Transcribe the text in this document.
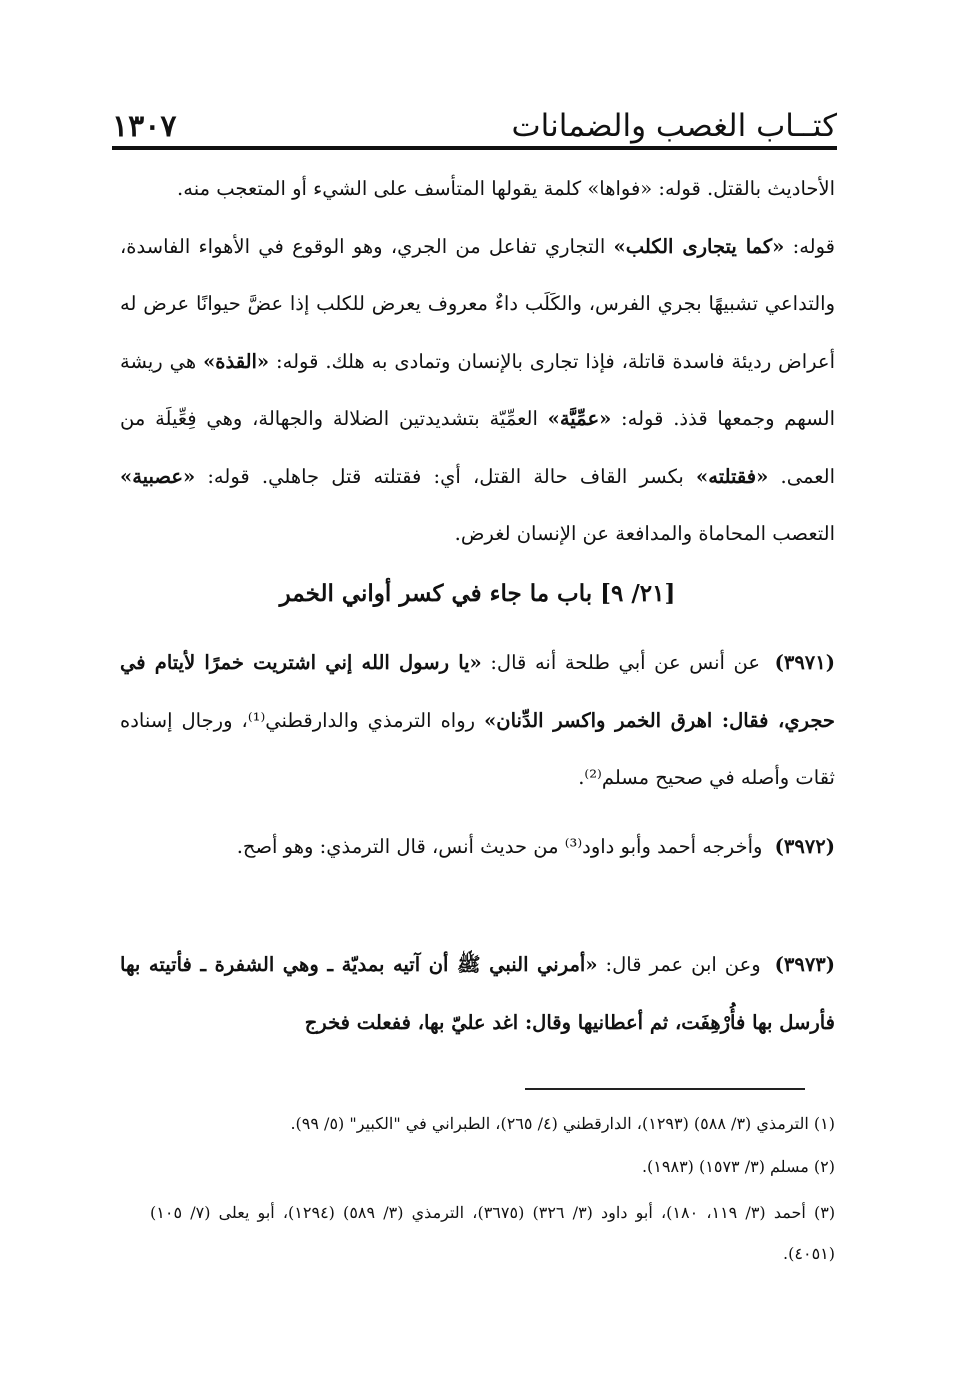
كتــاب الغصب والضمانات
١٣٠٧

الأحاديث بالقتل. قوله: «فواها» كلمة يقولها المتأسف على الشيء أو المتعجب منه.

قوله: «كما يتجارى الكلب» التجاري تفاعل من الجري، وهو الوقوع في الأهواء الفاسدة، والتداعي تشبيهًا بجري الفرس، والكَلَب داءٌ معروف يعرض للكلب إذا عضَّ حيوانًا عرض له أعراض رديئة فاسدة قاتلة، فإذا تجارى بالإنسان وتمادى به هلك. قوله: «القذة» هي ريشة السهم وجمعها قذذ. قوله: «عمِّيَّة» العمِّيّة بتشديدتين الضلالة والجهالة، وهي فِعِّيلَة من العمى. «فقتلته» بكسر القاف حالة القتل، أي: فقتلته قتل جاهلي. قوله: «عصبية» التعصب المحاماة والمدافعة عن الإنسان لغرض.

[٢١/ ٩] باب ما جاء في كسر أواني الخمر

(٣٩٧١) عن أنس عن أبي طلحة أنه قال: «يا رسول الله إني اشتريت خمرًا لأيتام في حجري، فقال: اهرق الخمر واكسر الدِّنان» رواه الترمذي والدارقطني⁽¹⁾، ورجال إسناده ثقات وأصله في صحيح مسلم⁽²⁾.

(٣٩٧٢) وأخرجه أحمد وأبو داود⁽³⁾ من حديث أنس، قال الترمذي: وهو أصح.

(٣٩٧٣) وعن ابن عمر قال: «أمرني النبي ﷺ أن آتيه بمديّة ـ وهي الشفرة ـ فأتيته بها فأرسل بها فأُرْهِفَت، ثم أعطانيها وقال: اغد عليّ بها، ففعلت فخرج

(١) الترمذي (٣/ ٥٨٨) (١٢٩٣)، الدارقطني (٤/ ٢٦٥)، الطبراني في "الكبير" (٥/ ٩٩).

(٢) مسلم (٣/ ١٥٧٣) (١٩٨٣).

(٣) أحمد (٣/ ١١٩، ١٨٠)، أبو داود (٣/ ٣٢٦) (٣٦٧٥)، الترمذي (٣/ ٥٨٩) (١٢٩٤)، أبو يعلى (٧/ ١٠٥) (٤٠٥١).
